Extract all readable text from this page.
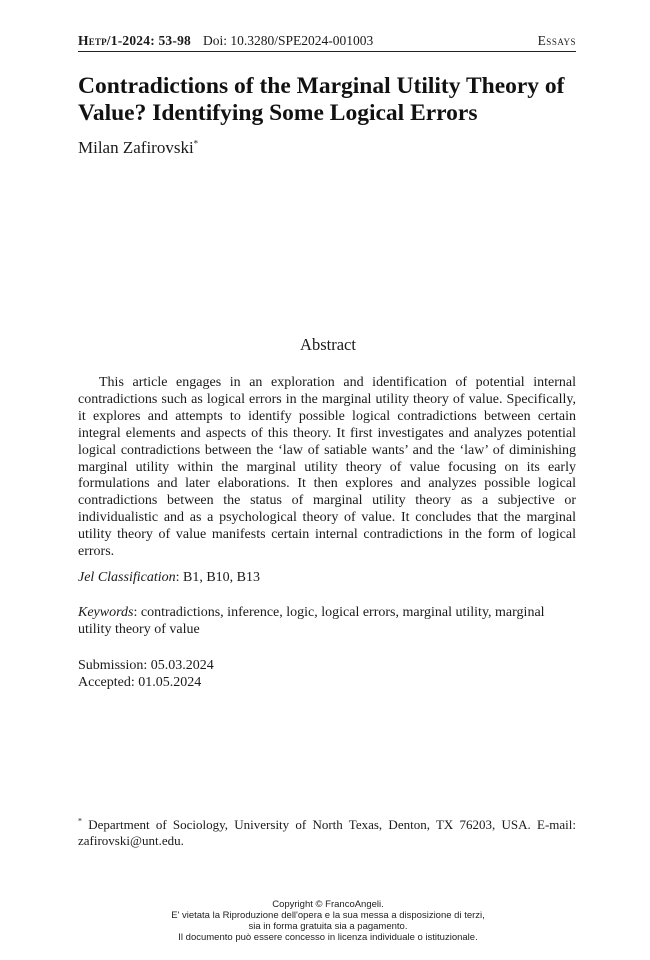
Hetp/1-2024: 53-98 Doi: 10.3280/SPE2024-001003	Essays
Contradictions of the Marginal Utility Theory of Value? Identifying Some Logical Errors
Milan Zafirovski*
Abstract

This article engages in an exploration and identification of potential internal contradictions such as logical errors in the marginal utility theory of value. Specifically, it explores and attempts to identify possible logical contradictions between certain integral elements and aspects of this theory. It first investigates and analyzes potential logical contradictions between the ‘law of satiable wants’ and the ‘law’ of diminishing marginal utility within the marginal utility theory of value focusing on its early formulations and later elaborations. It then explores and analyzes possible logical contradictions between the status of marginal utility theory as a subjective or individualistic and as a psychological theory of value. It concludes that the marginal utility theory of value manifests certain internal contradictions in the form of logical errors.

Jel Classification: B1, B10, B13

Keywords: contradictions, inference, logic, logical errors, marginal utility, marginal utility theory of value

Submission: 05.03.2024

Accepted: 01.05.2024

* Department of Sociology, University of North Texas, Denton, TX 76203, USA. E-mail: zafirovski@unt.edu.

Copyright © FrancoAngeli.
E' vietata la Riproduzione dell'opera e la sua messa a disposizione di terzi,
sia in forma gratuita sia a pagamento.
Il documento può essere concesso in licenza individuale o istituzionale.
